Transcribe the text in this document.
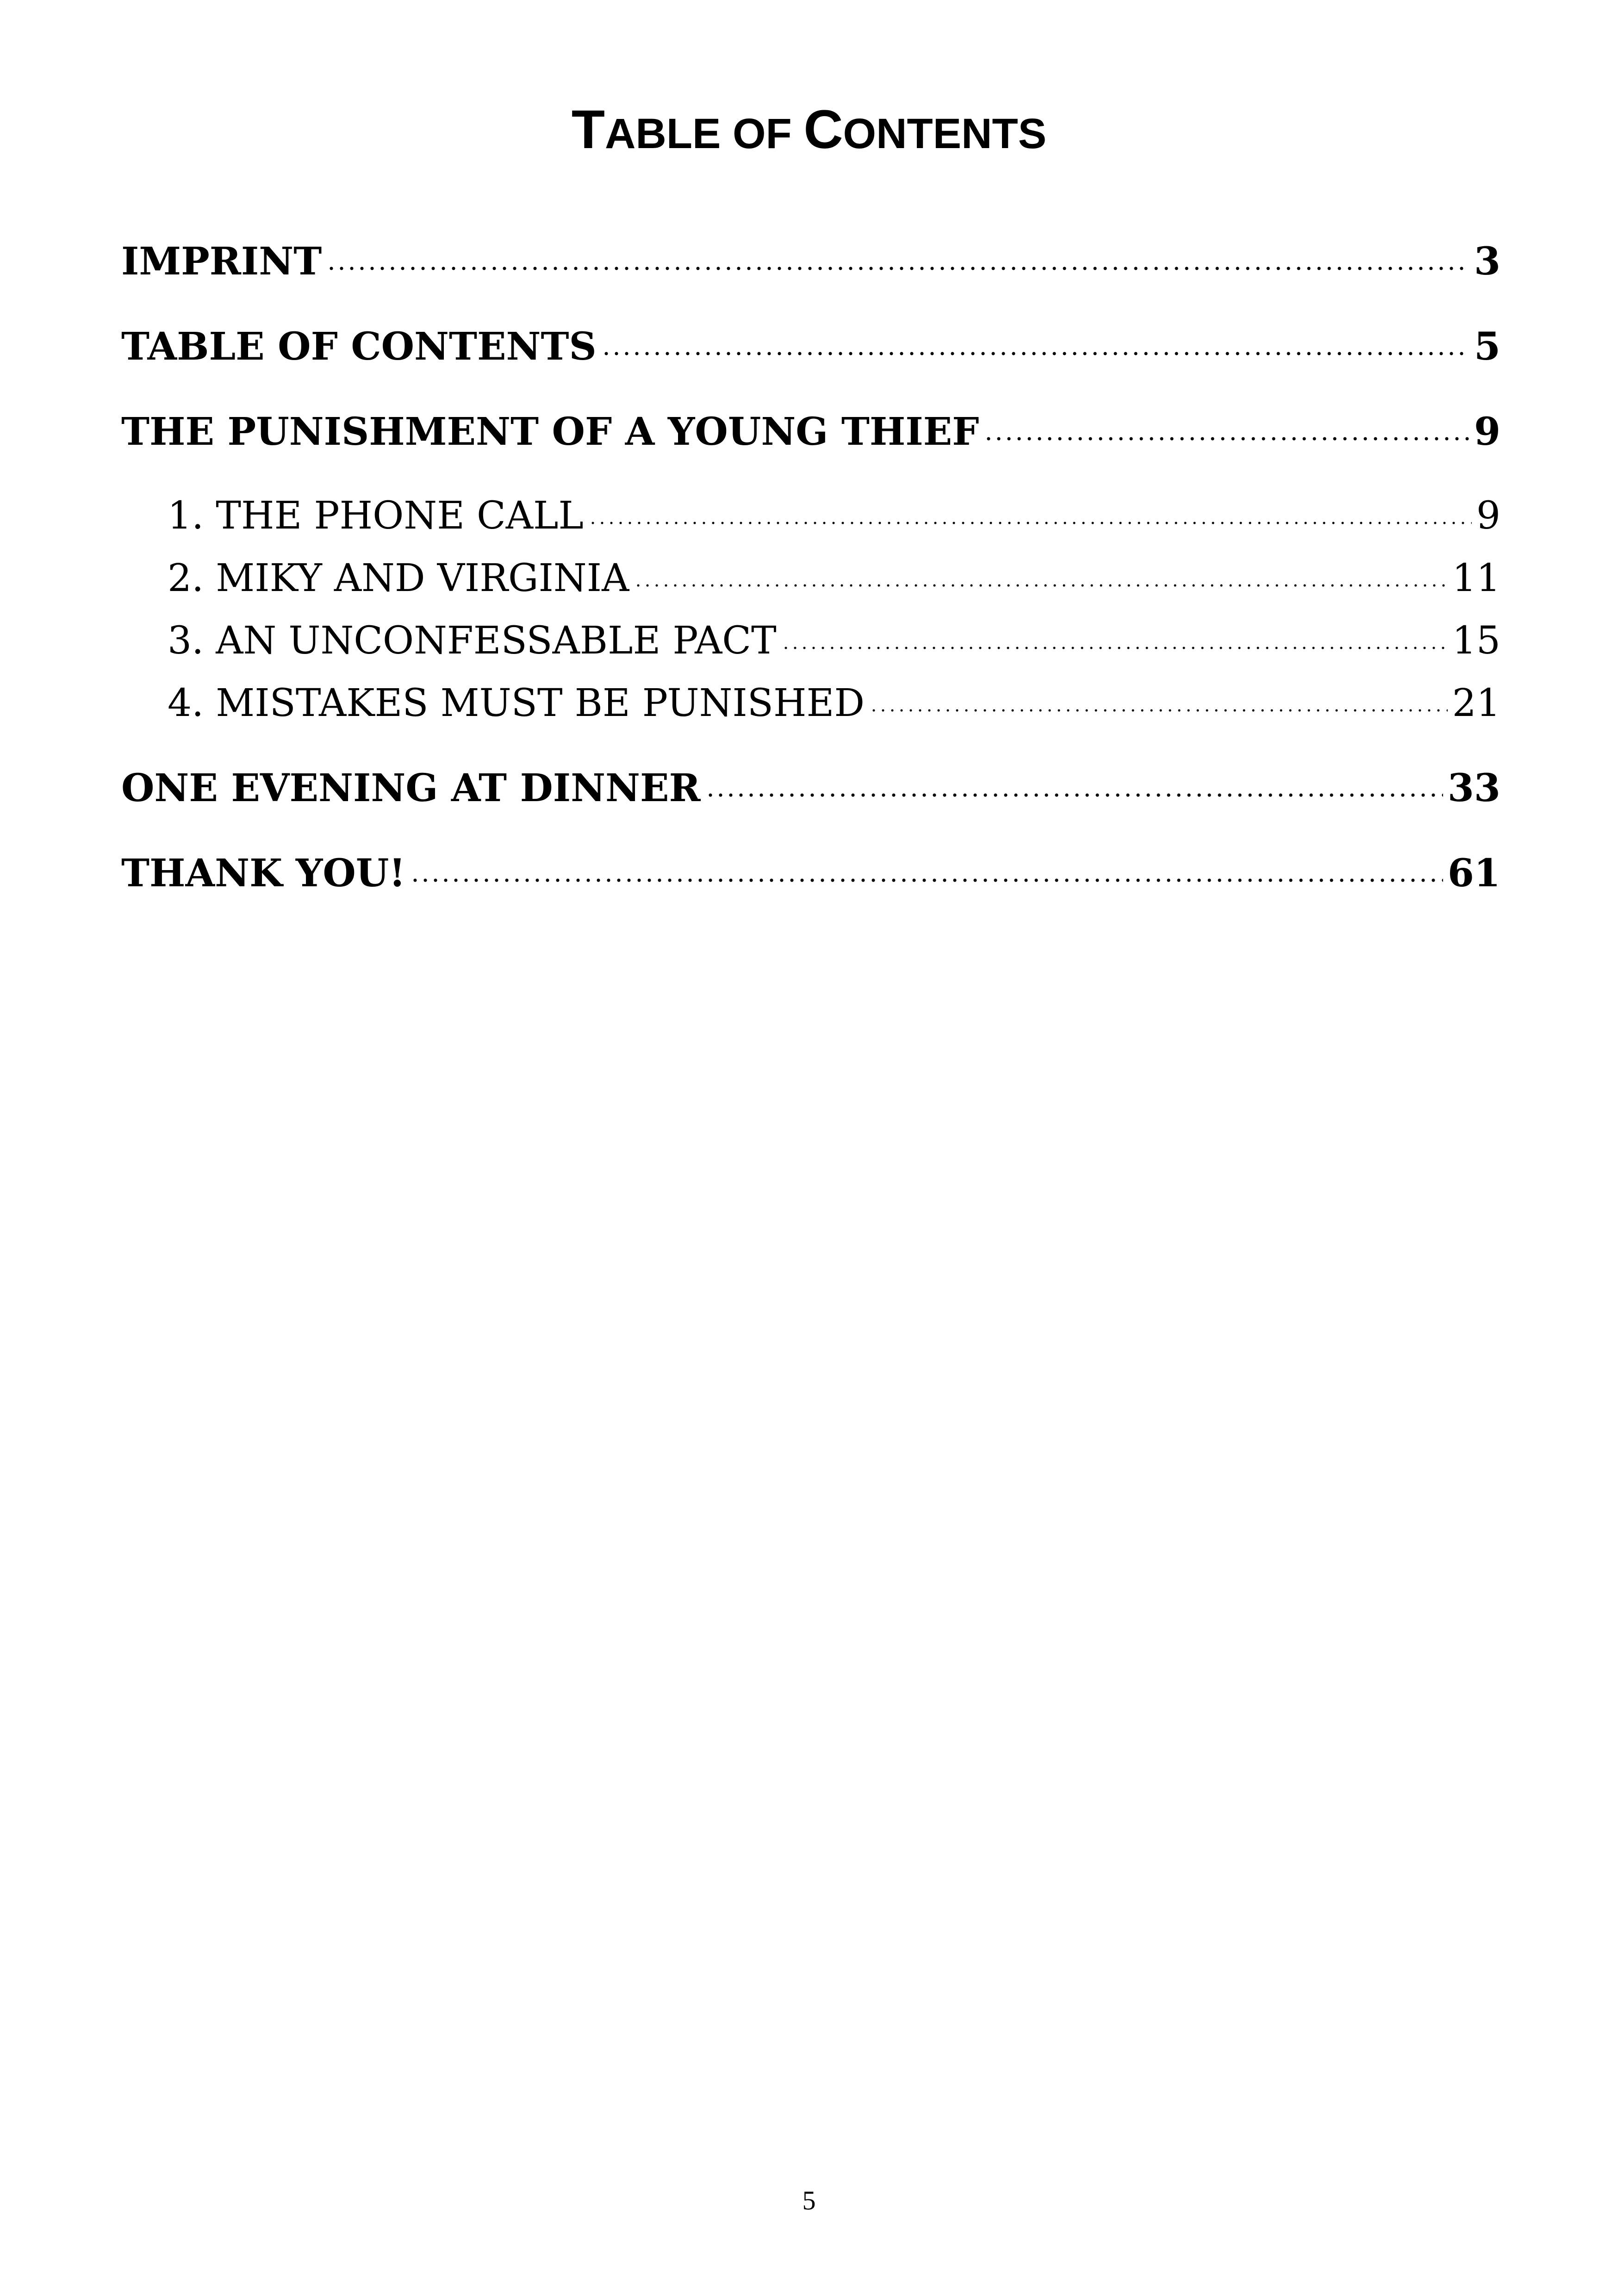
TABLE OF CONTENTS
IMPRINT	3
TABLE OF CONTENTS	5
THE PUNISHMENT OF A YOUNG THIEF	9
1. THE PHONE CALL	9
2. MIKY AND VIRGINIA	11
3. AN UNCONFESSABLE PACT	15
4. MISTAKES MUST BE PUNISHED	21
ONE EVENING AT DINNER	33
THANK YOU!	61
5
